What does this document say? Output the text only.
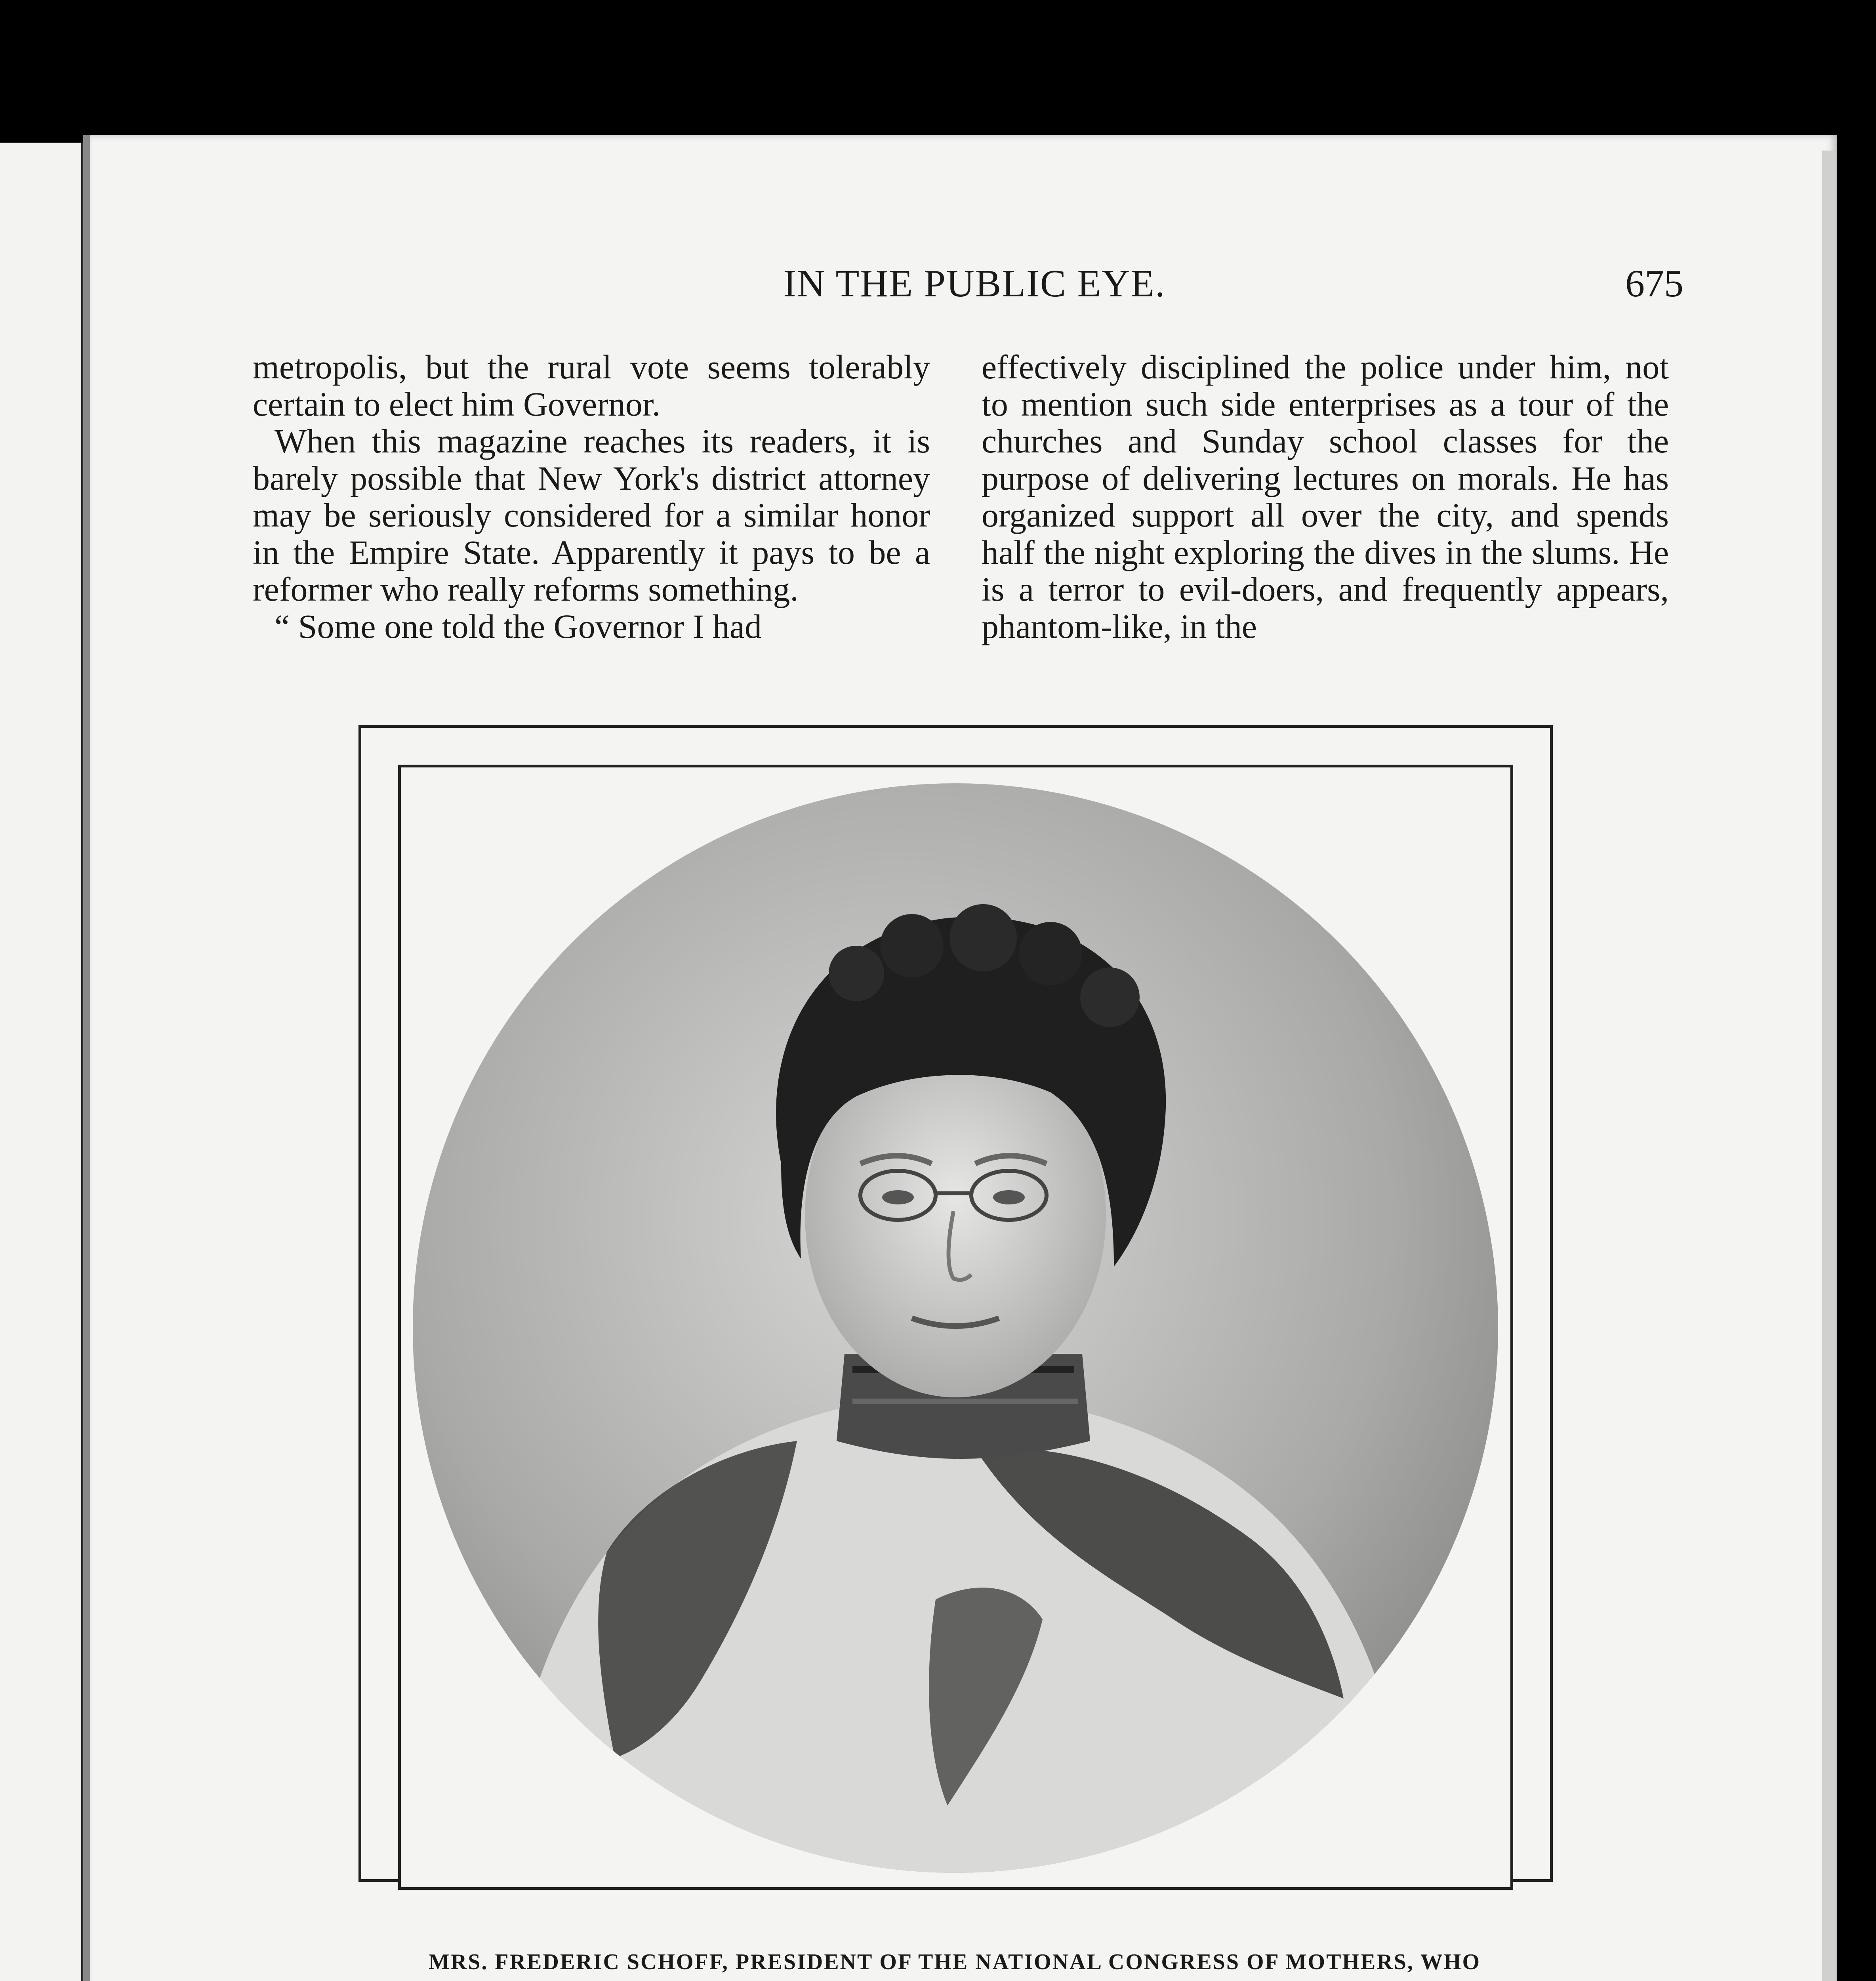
IN THE PUBLIC EYE.	675

metropolis, but the rural vote seems tolerably certain to elect him Governor.

When this magazine reaches its readers, it is barely possible that New York's district attorney may be seriously considered for a similar honor in the Empire State. Apparently it pays to be a reformer who really reforms something.

“ Some one told the Governor I had

effectively disciplined the police under him, not to mention such side enterprises as a tour of the churches and Sunday school classes for the purpose of delivering lectures on morals. He has organized support all over the city, and spends half the night exploring the dives in the slums. He is a terror to evil-doers, and frequently appears, phantom-like, in the

MRS. FREDERIC SCHOFF, PRESIDENT OF THE NATIONAL CONGRESS OF MOTHERS, WHO
